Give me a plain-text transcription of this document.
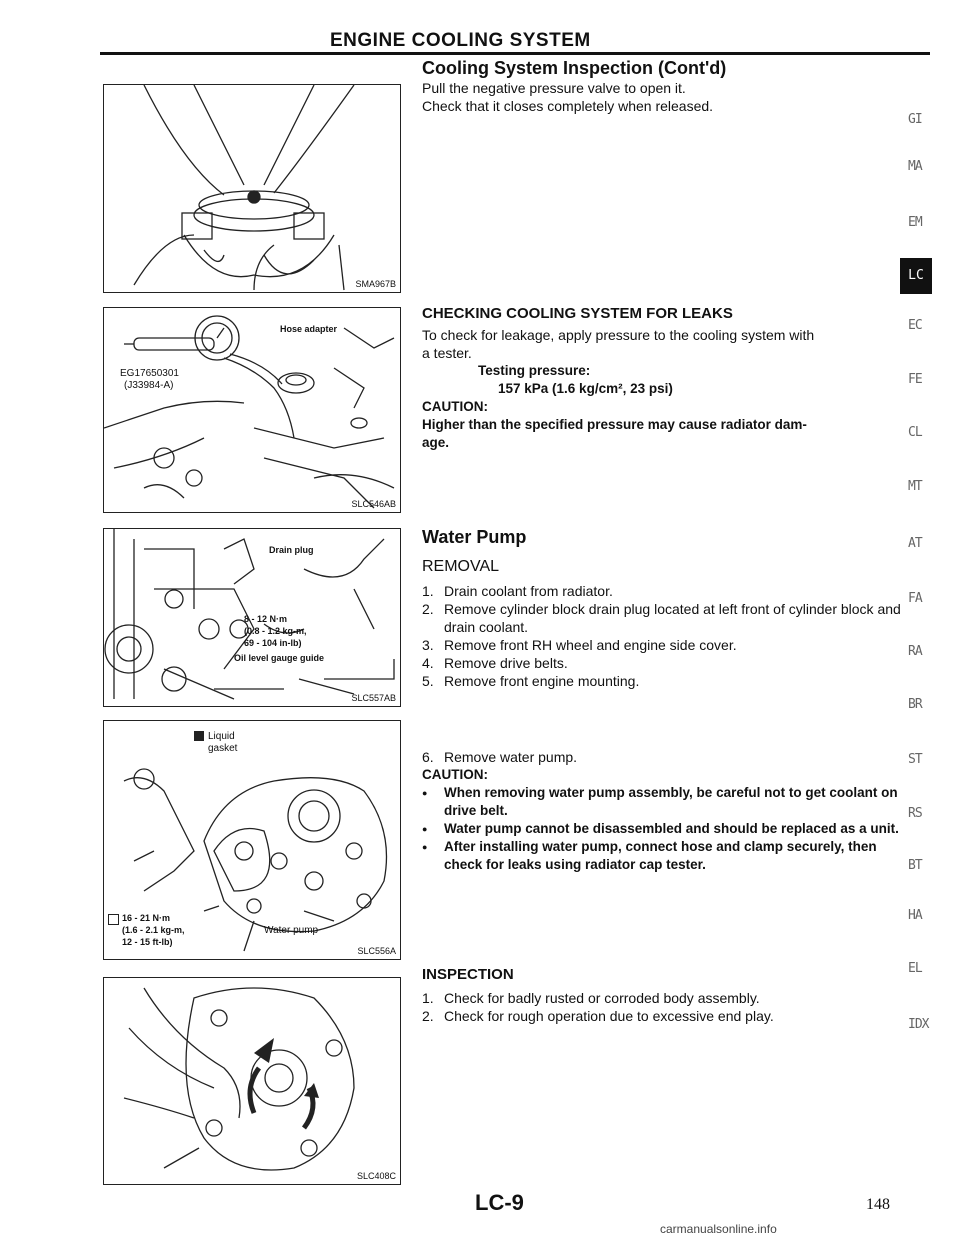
ENGINE COOLING SYSTEM
SMA967B
Hose adapter
EG17650301
(J33984-A)
SLC546AB
Drain plug
8 - 12 N·m
(0.8 - 1.2 kg-m,
69 - 104 in-lb)
Oil level gauge guide
SLC557AB
Liquid
gasket
16 - 21 N·m
(1.6 - 2.1 kg-m,
12 - 15 ft-lb)
Water pump
SLC556A
SLC408C
Cooling System Inspection (Cont'd)
Pull the negative pressure valve to open it.
Check that it closes completely when released.
CHECKING COOLING SYSTEM FOR LEAKS
To check for leakage, apply pressure to the cooling system with
a tester.
Testing pressure:
157 kPa (1.6 kg/cm², 23 psi)
CAUTION:
Higher than the specified pressure may cause radiator dam-
age.
Water Pump
REMOVAL
1. Drain coolant from radiator.
2. Remove cylinder block drain plug located at left front of cylinder block and drain coolant.
3. Remove front RH wheel and engine side cover.
4. Remove drive belts.
5. Remove front engine mounting.
6. Remove water pump.
CAUTION:
● When removing water pump assembly, be careful not to get coolant on drive belt.
● Water pump cannot be disassembled and should be replaced as a unit.
● After installing water pump, connect hose and clamp securely, then check for leaks using radiator cap tester.
INSPECTION
1. Check for badly rusted or corroded body assembly.
2. Check for rough operation due to excessive end play.
GI
MA
EM
LC
EC
FE
CL
MT
AT
FA
RA
BR
ST
RS
BT
HA
EL
IDX
LC-9	148
carmanualsonline.info
